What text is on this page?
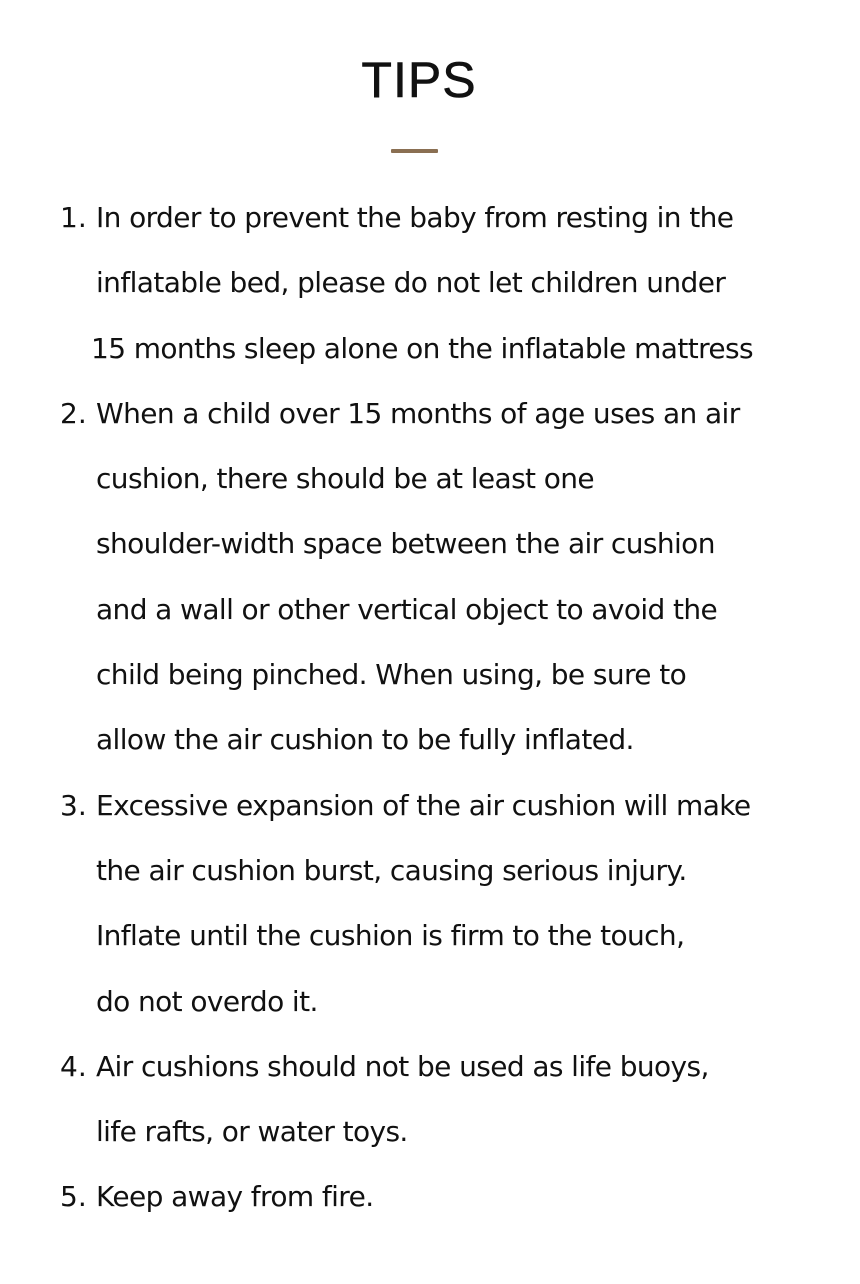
TIPS
1. In order to prevent the baby from resting in the
inflatable bed, please do not let children under
15 months sleep alone on the inflatable mattress
2. When a child over 15 months of age uses an air
cushion, there should be at least one
shoulder-width space between the air cushion
and a wall or other vertical object to avoid the
child being pinched. When using, be sure to
allow the air cushion to be fully inflated.
3. Excessive expansion of the air cushion will make
the air cushion burst, causing serious injury.
Inflate until the cushion is firm to the touch,
do not overdo it.
4. Air cushions should not be used as life buoys,
life rafts, or water toys.
5. Keep away from fire.
